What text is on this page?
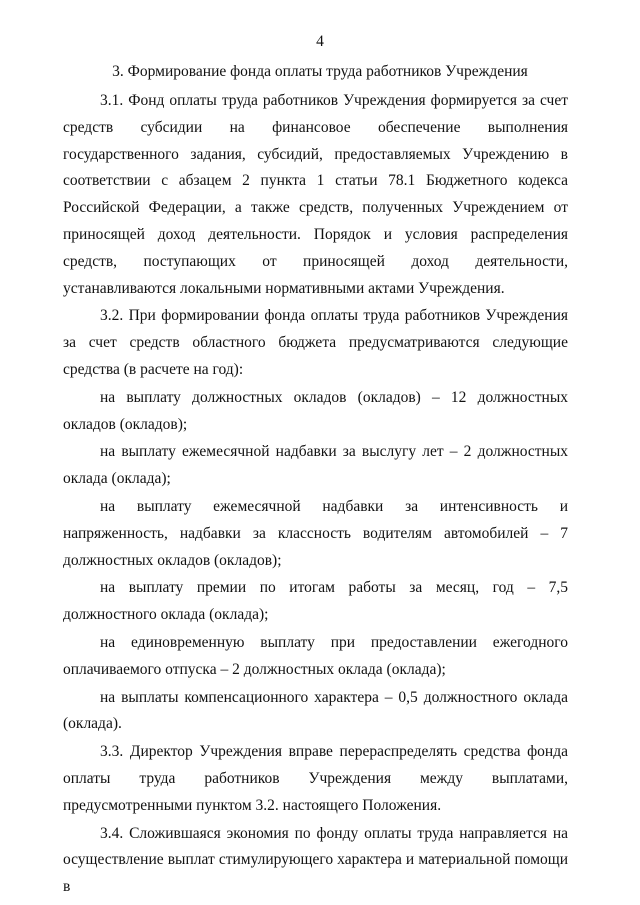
4
3. Формирование фонда оплаты труда работников Учреждения

3.1. Фонд оплаты труда работников Учреждения формируется за счет средств субсидии на финансовое обеспечение выполнения государственного задания, субсидий, предоставляемых Учреждению в соответствии с абзацем 2 пункта 1 статьи 78.1 Бюджетного кодекса Российской Федерации, а также средств, полученных Учреждением от приносящей доход деятельности. Порядок и условия распределения средств, поступающих от приносящей доход деятельности, устанавливаются локальными нормативными актами Учреждения.

3.2. При формировании фонда оплаты труда работников Учреждения за счет средств областного бюджета предусматриваются следующие средства (в расчете на год):

на выплату должностных окладов (окладов) – 12 должностных окладов (окладов);

на выплату ежемесячной надбавки за выслугу лет – 2 должностных оклада (оклада);

на выплату ежемесячной надбавки за интенсивность и напряженность, надбавки за классность водителям автомобилей – 7 должностных окладов (окладов);

на выплату премии по итогам работы за месяц, год – 7,5 должностного оклада (оклада);

на единовременную выплату при предоставлении ежегодного оплачиваемого отпуска – 2 должностных оклада (оклада);

на выплаты компенсационного характера – 0,5 должностного оклада (оклада).

3.3. Директор Учреждения вправе перераспределять средства фонда оплаты труда работников Учреждения между выплатами, предусмотренными пунктом 3.2. настоящего Положения.

3.4. Сложившаяся экономия по фонду оплаты труда направляется на осуществление выплат стимулирующего характера и материальной помощи в
